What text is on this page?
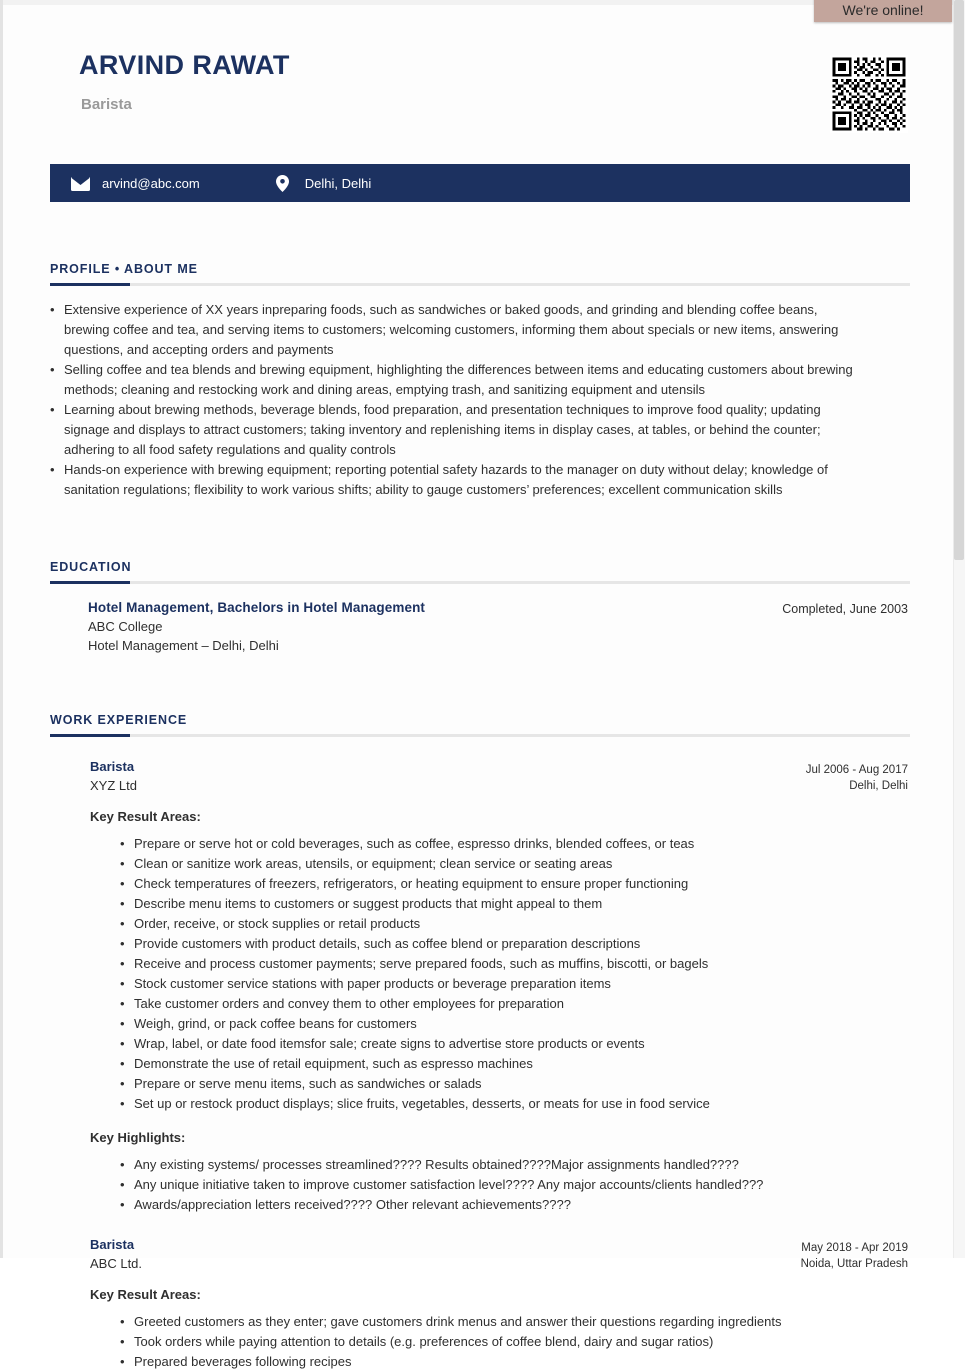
ARVIND RAWAT
Barista
arvind@abc.com	Delhi, Delhi
PROFILE • ABOUT ME
• Extensive experience of XX years inpreparing foods, such as sandwiches or baked goods, and grinding and blending coffee beans, brewing coffee and tea, and serving items to customers; welcoming customers, informing them about specials or new items, answering questions, and accepting orders and payments
• Selling coffee and tea blends and brewing equipment, highlighting the differences between items and educating customers about brewing methods; cleaning and restocking work and dining areas, emptying trash, and sanitizing equipment and utensils
• Learning about brewing methods, beverage blends, food preparation, and presentation techniques to improve food quality; updating signage and displays to attract customers; taking inventory and replenishing items in display cases, at tables, or behind the counter; adhering to all food safety regulations and quality controls
• Hands-on experience with brewing equipment; reporting potential safety hazards to the manager on duty without delay; knowledge of sanitation regulations; flexibility to work various shifts; ability to gauge customers’ preferences; excellent communication skills
EDUCATION
Hotel Management, Bachelors in Hotel Management
ABC College
Hotel Management – Delhi, Delhi
Completed, June 2003
WORK EXPERIENCE
Barista
XYZ Ltd
Jul 2006 - Aug 2017
Delhi, Delhi
Key Result Areas:
• Prepare or serve hot or cold beverages, such as coffee, espresso drinks, blended coffees, or teas
• Clean or sanitize work areas, utensils, or equipment; clean service or seating areas
• Check temperatures of freezers, refrigerators, or heating equipment to ensure proper functioning
• Describe menu items to customers or suggest products that might appeal to them
• Order, receive, or stock supplies or retail products
• Provide customers with product details, such as coffee blend or preparation descriptions
• Receive and process customer payments; serve prepared foods, such as muffins, biscotti, or bagels
• Stock customer service stations with paper products or beverage preparation items
• Take customer orders and convey them to other employees for preparation
• Weigh, grind, or pack coffee beans for customers
• Wrap, label, or date food itemsfor sale; create signs to advertise store products or events
• Demonstrate the use of retail equipment, such as espresso machines
• Prepare or serve menu items, such as sandwiches or salads
• Set up or restock product displays; slice fruits, vegetables, desserts, or meats for use in food service
Key Highlights:
• Any existing systems/ processes streamlined???? Results obtained????Major assignments handled????
• Any unique initiative taken to improve customer satisfaction level???? Any major accounts/clients handled???
• Awards/appreciation letters received???? Other relevant achievements????
Barista
ABC Ltd.
May 2018 - Apr 2019
Noida, Uttar Pradesh
Key Result Areas:
• Greeted customers as they enter; gave customers drink menus and answer their questions regarding ingredients
• Took orders while paying attention to details (e.g. preferences of coffee blend, dairy and sugar ratios)
• Prepared beverages following recipes
We're online!
